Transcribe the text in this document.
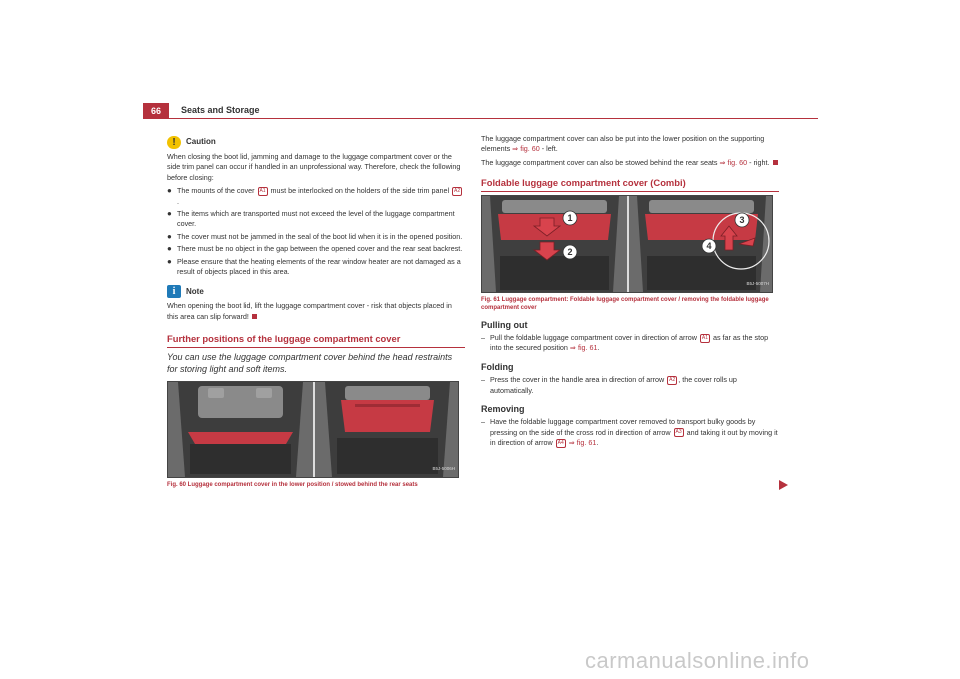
66	Seats and Storage
!	Caution

When closing the boot lid, jamming and damage to the luggage compartment cover or the side trim panel can occur if handled in an unprofessional way. Therefore, check the following before closing:

● The mounts of the cover A1 must be interlocked on the holders of the side trim panel A2.
● The items which are transported must not exceed the level of the luggage compartment cover.
● The cover must not be jammed in the seal of the boot lid when it is in the opened position.
● There must be no object in the gap between the opened cover and the rear seat backrest.
● Please ensure that the heating elements of the rear window heater are not damaged as a result of objects placed in this area.
i	Note

When opening the boot lid, lift the luggage compartment cover - risk that objects placed in this area can slip forward!

Further positions of the luggage compartment cover
You can use the luggage compartment cover behind the head restraints for storing light and soft items.
B5J-5006H
Fig. 60 Luggage compartment cover in the lower position / stowed behind the rear seats

The luggage compartment cover can also be put into the lower position on the supporting elements ⇒ fig. 60 - left.

The luggage compartment cover can also be stowed behind the rear seats ⇒ fig. 60 - right.

Foldable luggage compartment cover (Combi)
1
2
3
4
B5J-5007H
Fig. 61 Luggage compartment: Foldable luggage compartment cover / removing the foldable luggage compartment cover
Pulling out
– Pull the foldable luggage compartment cover in direction of arrow A1 as far as the stop into the secured position ⇒ fig. 61.
Folding
– Press the cover in the handle area in direction of arrow A2 , the cover rolls up automatically.
Removing
– Have the foldable luggage compartment cover removed to transport bulky goods by pressing on the side of the cross rod in direction of arrow A3 and taking it out by moving it in direction of arrow A4 ⇒ fig. 61.
carmanualsonline.info
